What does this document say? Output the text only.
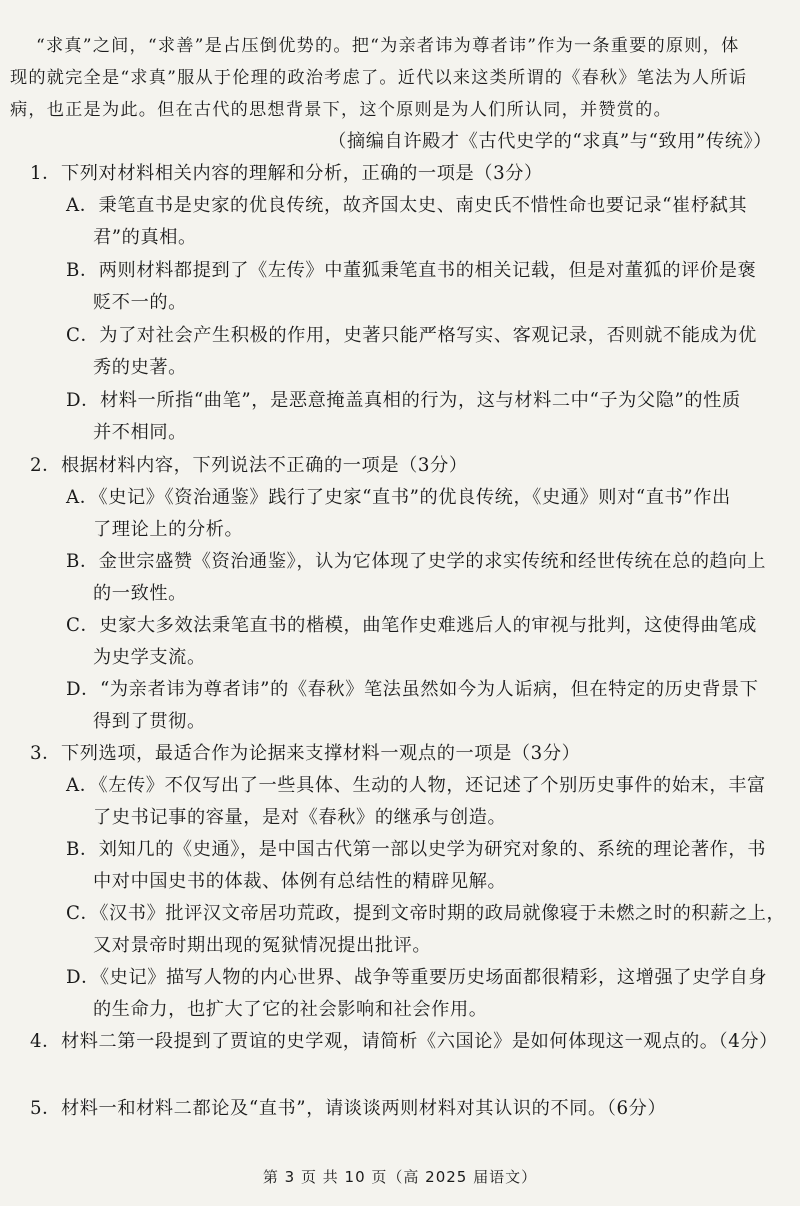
“求真”之间，“求善”是占压倒优势的。把“为亲者讳为尊者讳”作为一条重要的原则，体
现的就完全是“求真”服从于伦理的政治考虑了。近代以来这类所谓的《春秋》笔法为人所诟
病，也正是为此。但在古代的思想背景下，这个原则是为人们所认同，并赞赏的。
（摘编自许殿才《古代史学的“求真”与“致用”传统》）
1．下列对材料相关内容的理解和分析，正确的一项是（3分）
A．秉笔直书是史家的优良传统，故齐国太史、南史氏不惜性命也要记录“崔杼弑其
君”的真相。
B．两则材料都提到了《左传》中董狐秉笔直书的相关记载，但是对董狐的评价是褒
贬不一的。
C．为了对社会产生积极的作用，史著只能严格写实、客观记录，否则就不能成为优
秀的史著。
D．材料一所指“曲笔”，是恶意掩盖真相的行为，这与材料二中“子为父隐”的性质
并不相同。
2．根据材料内容，下列说法不正确的一项是（3分）
A．《史记》《资治通鉴》践行了史家“直书”的优良传统，《史通》则对“直书”作出
了理论上的分析。
B．金世宗盛赞《资治通鉴》，认为它体现了史学的求实传统和经世传统在总的趋向上
的一致性。
C．史家大多效法秉笔直书的楷模，曲笔作史难逃后人的审视与批判，这使得曲笔成
为史学支流。
D．“为亲者讳为尊者讳”的《春秋》笔法虽然如今为人诟病，但在特定的历史背景下
得到了贯彻。
3．下列选项，最适合作为论据来支撑材料一观点的一项是（3分）
A．《左传》不仅写出了一些具体、生动的人物，还记述了个别历史事件的始末，丰富
了史书记事的容量，是对《春秋》的继承与创造。
B．刘知几的《史通》，是中国古代第一部以史学为研究对象的、系统的理论著作，书
中对中国史书的体裁、体例有总结性的精辟见解。
C．《汉书》批评汉文帝居功荒政，提到文帝时期的政局就像寝于未燃之时的积薪之上，
又对景帝时期出现的冤狱情况提出批评。
D．《史记》描写人物的内心世界、战争等重要历史场面都很精彩，这增强了史学自身
的生命力，也扩大了它的社会影响和社会作用。
4．材料二第一段提到了贾谊的史学观，请简析《六国论》是如何体现这一观点的。（4分）
5．材料一和材料二都论及“直书”，请谈谈两则材料对其认识的不同。（6分）
第 3 页 共 10 页（高 2025 届语文）
